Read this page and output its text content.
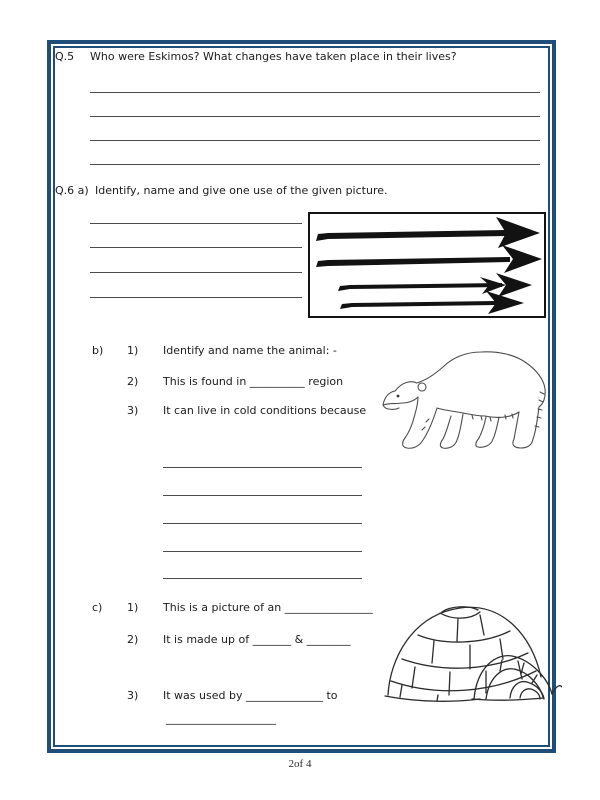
Q.5 Who were Eskimos? What changes have taken place in their lives?
Q.6 a) Identify, name and give one use of the given picture.
b) 1) Identify and name the animal: -
2) This is found in __________ region
3) It can live in cold conditions because
c) 1) This is a picture of an ________________
2) It is made up of _______ & ________
3) It was used by ______________ to
____________________
2of 4
